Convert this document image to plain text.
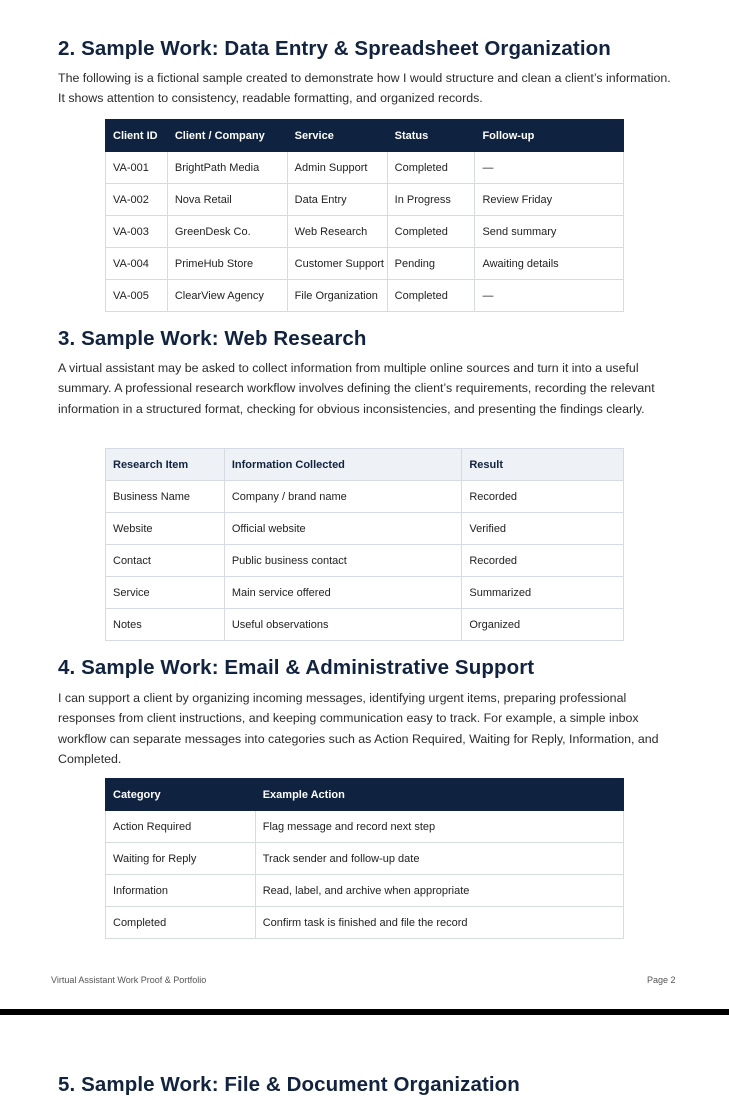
2. Sample Work: Data Entry & Spreadsheet Organization

The following is a fictional sample created to demonstrate how I would structure and clean a client’s information. It shows attention to consistency, readable formatting, and organized records.

Client ID	Client / Company	Service	Status	Follow-up
VA-001	BrightPath Media	Admin Support	Completed	—
VA-002	Nova Retail	Data Entry	In Progress	Review Friday
VA-003	GreenDesk Co.	Web Research	Completed	Send summary
VA-004	PrimeHub Store	Customer Support	Pending	Awaiting details
VA-005	ClearView Agency	File Organization	Completed	—
3. Sample Work: Web Research

A virtual assistant may be asked to collect information from multiple online sources and turn it into a useful summary. A professional research workflow involves defining the client’s requirements, recording the relevant information in a structured format, checking for obvious inconsistencies, and presenting the findings clearly.

Research Item	Information Collected	Result
Business Name	Company / brand name	Recorded
Website	Official website	Verified
Contact	Public business contact	Recorded
Service	Main service offered	Summarized
Notes	Useful observations	Organized
4. Sample Work: Email & Administrative Support

I can support a client by organizing incoming messages, identifying urgent items, preparing professional responses from client instructions, and keeping communication easy to track. For example, a simple inbox workflow can separate messages into categories such as Action Required, Waiting for Reply, Information, and Completed.

Category	Example Action
Action Required	Flag message and record next step
Waiting for Reply	Track sender and follow-up date
Information	Read, label, and archive when appropriate
Completed	Confirm task is finished and file the record
Virtual Assistant Work Proof & Portfolio	Page 2
5. Sample Work: File & Document Organization
